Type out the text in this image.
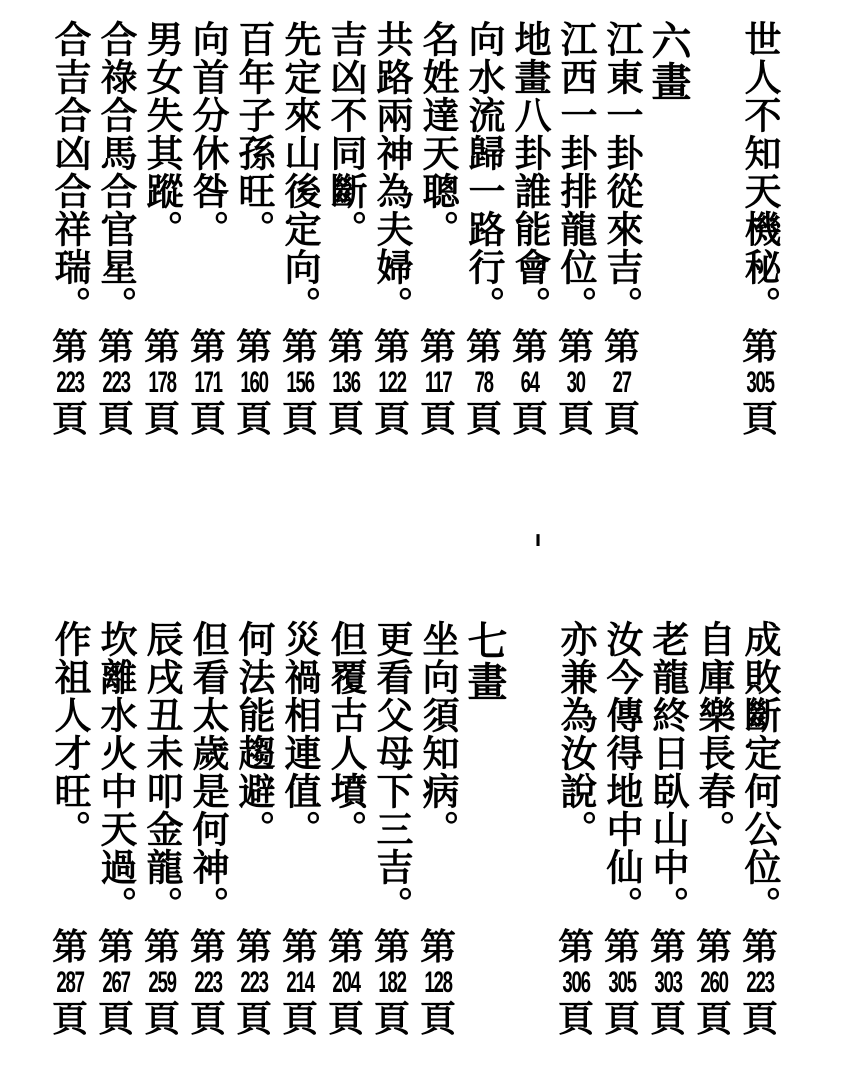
世人不知天機秘。
第
305
頁
六畫
江東一卦從來吉。
第
27
頁
江西一卦排龍位。
第
30
頁
地畫八卦誰能會。
第
64
頁
向水流歸一路行。
第
78
頁
名姓達天聰。
第
117
頁
共路兩神為夫婦。
第
122
頁
吉凶不同斷。
第
136
頁
先定來山後定向。
第
156
頁
百年子孫旺。
第
160
頁
向首分休咎。
第
171
頁
男女失其蹤。
第
178
頁
合祿合馬合官星。
第
223
頁
合吉合凶合祥瑞。
第
223
頁
成敗斷定何公位。
第
223
頁
自庫樂長春。
第
260
頁
老龍終日臥山中。
第
303
頁
汝今傳得地中仙。
第
305
頁
亦兼為汝說。
第
306
頁
七畫
坐向須知病。
第
128
頁
更看父母下三吉。
第
182
頁
但覆古人墳。
第
204
頁
災禍相連值。
第
214
頁
何法能趨避。
第
223
頁
但看太歲是何神。
第
223
頁
辰戌丑未叩金龍。
第
259
頁
坎離水火中天過。
第
267
頁
作祖人才旺。
第
287
頁
╻
